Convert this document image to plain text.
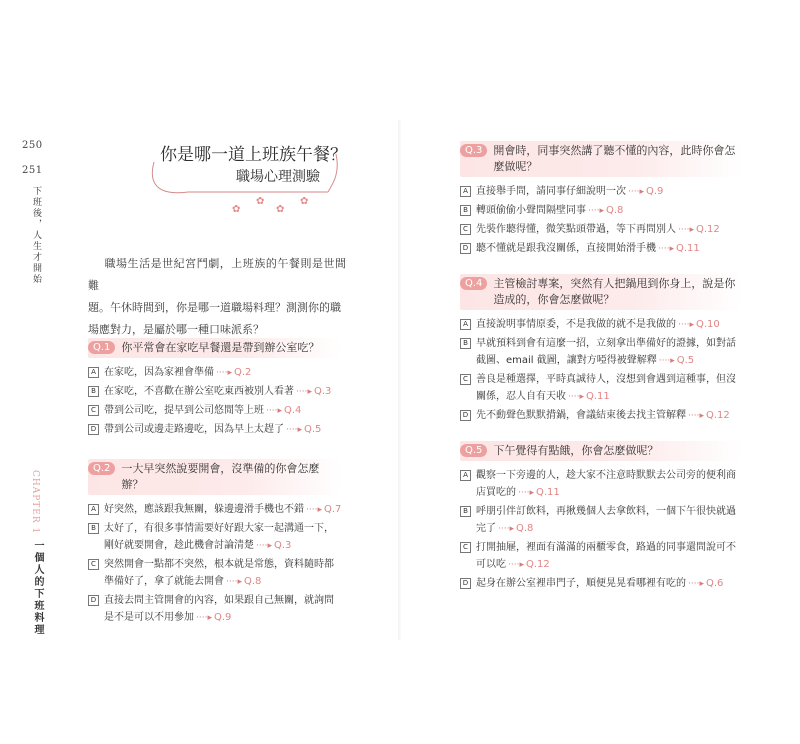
250
251
下班後，人生才開始
CHAPTER 1
一個人的下班料理
你是哪一道上班族午餐？
職場心理測驗
✿
✿
✿
✿

職場生活是世紀宮鬥劇，上班族的午餐則是世間難

題。午休時間到，你是哪一道職場料理？測測你的職
場應對力，是屬於哪一種口味派系？
Q.1	你平常會在家吃早餐還是帶到辦公室吃？
A 在家吃，因為家裡會準備 ····▸ Q.2
B 在家吃，不喜歡在辦公室吃東西被別人看著 ····▸ Q.3
C 帶到公司吃，提早到公司悠閒等上班 ····▸ Q.4
D 帶到公司或邊走路邊吃，因為早上太趕了 ····▸ Q.5
Q.2	一大早突然說要開會，沒準備的你會怎麼辦？
A 好突然，應該跟我無關，躲邊邊滑手機也不錯 ····▸ Q.7
B 太好了，有很多事情需要好好跟大家一起溝通一下，剛好就要開會，趁此機會討論清楚 ····▸ Q.3
C 突然開會一點都不突然，根本就是常態，資料隨時都準備好了，拿了就能去開會 ····▸ Q.8
D 直接去問主管開會的內容，如果跟自己無關，就詢問是不是可以不用參加 ····▸ Q.9
Q.3	開會時，同事突然講了聽不懂的內容，此時你會怎麼做呢？
A 直接舉手問，請同事仔細說明一次 ····▸ Q.9
B 轉頭偷偷小聲問隔壁同事 ····▸ Q.8
C 先裝作聽得懂，微笑點頭帶過，等下再問別人 ····▸ Q.12
D 聽不懂就是跟我沒關係，直接開始滑手機 ····▸ Q.11
Q.4	主管檢討專案，突然有人把鍋甩到你身上，說是你造成的，你會怎麼做呢？
A 直接說明事情原委，不是我做的就不是我做的 ····▸ Q.10
B 早就預料到會有這麼一招，立刻拿出準備好的證據，如對話截圖、email 截圖，讓對方啞得被聲解釋 ····▸ Q.5
C 善良是種選擇，平時真誠待人，沒想到會遇到這種事，但沒關係，忍人自有天收 ····▸ Q.11
D 先不動聲色默默揹鍋，會議結束後去找主管解釋 ····▸ Q.12
Q.5	下午覺得有點餓，你會怎麼做呢？
A 觀察一下旁邊的人，趁大家不注意時默默去公司旁的便利商店買吃的 ····▸ Q.11
B 呼朋引伴訂飲料，再揪幾個人去拿飲料，一個下午很快就過完了 ····▸ Q.8
C 打開抽屜，裡面有滿滿的兩櫃零食，路過的同事還問說可不可以吃 ····▸ Q.12
D 起身在辦公室裡串門子，順便晃晃看哪裡有吃的 ····▸ Q.6
